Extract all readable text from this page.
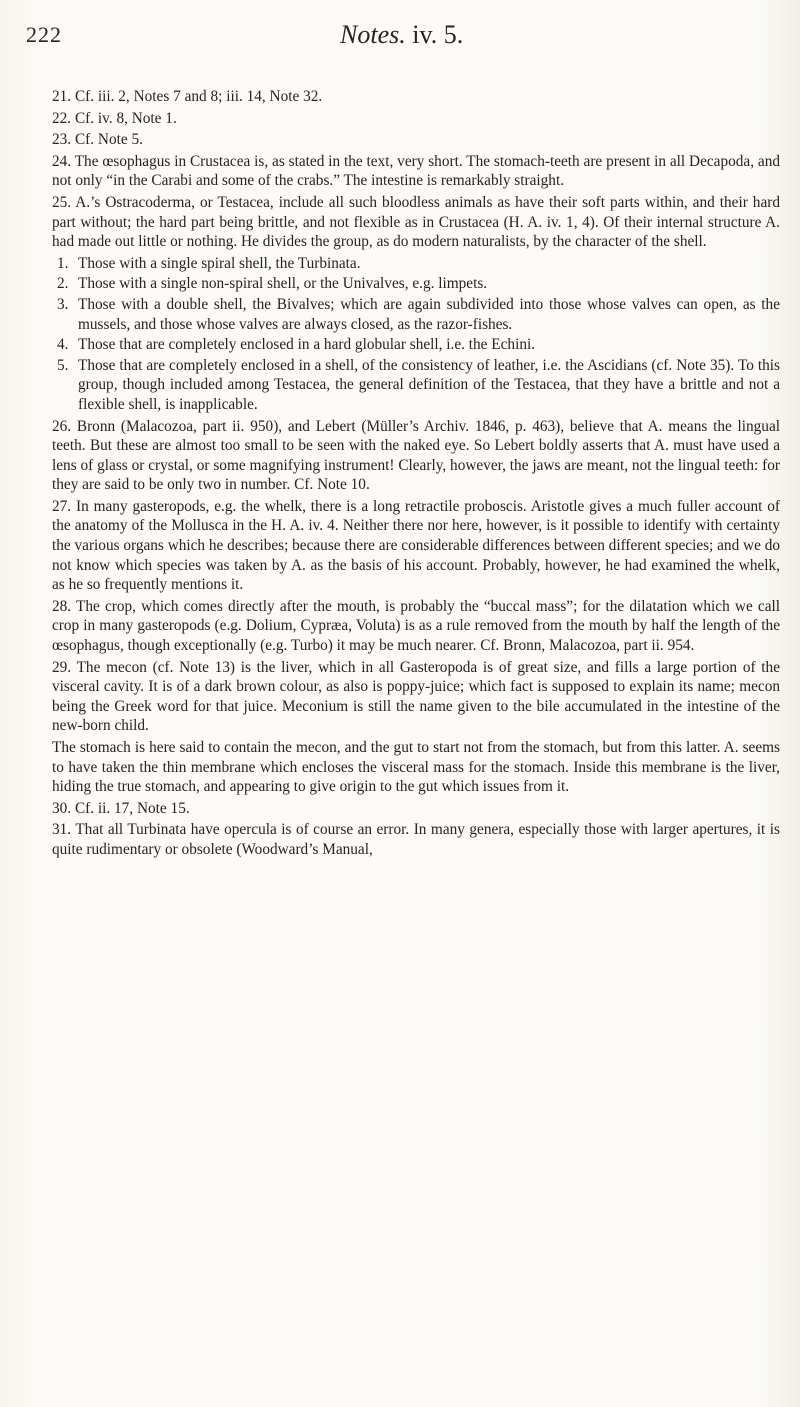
222	Notes. iv. 5.

21. Cf. iii. 2, Notes 7 and 8; iii. 14, Note 32.

22. Cf. iv. 8, Note 1.

23. Cf. Note 5.

24. The œsophagus in Crustacea is, as stated in the text, very short. The stomach-teeth are present in all Decapoda, and not only “in the Carabi and some of the crabs.” The intestine is remarkably straight.

25. A.’s Ostracoderma, or Testacea, include all such bloodless animals as have their soft parts within, and their hard part without; the hard part being brittle, and not flexible as in Crustacea (H. A. iv. 1, 4). Of their internal structure A. had made out little or nothing. He divides the group, as do modern naturalists, by the character of the shell.

1. Those with a single spiral shell, the Turbinata.
2. Those with a single non-spiral shell, or the Univalves, e.g. limpets.
3. Those with a double shell, the Bivalves; which are again subdivided into those whose valves can open, as the mussels, and those whose valves are always closed, as the razor-fishes.
4. Those that are completely enclosed in a hard globular shell, i.e. the Echini.
5. Those that are completely enclosed in a shell, of the consistency of leather, i.e. the Ascidians (cf. Note 35). To this group, though included among Testacea, the general definition of the Testacea, that they have a brittle and not a flexible shell, is inapplicable.

26. Bronn (Malacozoa, part ii. 950), and Lebert (Müller’s Archiv. 1846, p. 463), believe that A. means the lingual teeth. But these are almost too small to be seen with the naked eye. So Lebert boldly asserts that A. must have used a lens of glass or crystal, or some magnifying instrument! Clearly, however, the jaws are meant, not the lingual teeth: for they are said to be only two in number. Cf. Note 10.

27. In many gasteropods, e.g. the whelk, there is a long retractile proboscis. Aristotle gives a much fuller account of the anatomy of the Mollusca in the H. A. iv. 4. Neither there nor here, however, is it possible to identify with certainty the various organs which he describes; because there are considerable differences between different species; and we do not know which species was taken by A. as the basis of his account. Probably, however, he had examined the whelk, as he so frequently mentions it.

28. The crop, which comes directly after the mouth, is probably the “buccal mass”; for the dilatation which we call crop in many gasteropods (e.g. Dolium, Cypræa, Voluta) is as a rule removed from the mouth by half the length of the œsophagus, though exceptionally (e.g. Turbo) it may be much nearer. Cf. Bronn, Malacozoa, part ii. 954.

29. The mecon (cf. Note 13) is the liver, which in all Gasteropoda is of great size, and fills a large portion of the visceral cavity. It is of a dark brown colour, as also is poppy-juice; which fact is supposed to explain its name; mecon being the Greek word for that juice. Meconium is still the name given to the bile accumulated in the intestine of the new-born child.

The stomach is here said to contain the mecon, and the gut to start not from the stomach, but from this latter. A. seems to have taken the thin membrane which encloses the visceral mass for the stomach. Inside this membrane is the liver, hiding the true stomach, and appearing to give origin to the gut which issues from it.

30. Cf. ii. 17, Note 15.

31. That all Turbinata have opercula is of course an error. In many genera, especially those with larger apertures, it is quite rudimentary or obsolete (Woodward’s Manual,
